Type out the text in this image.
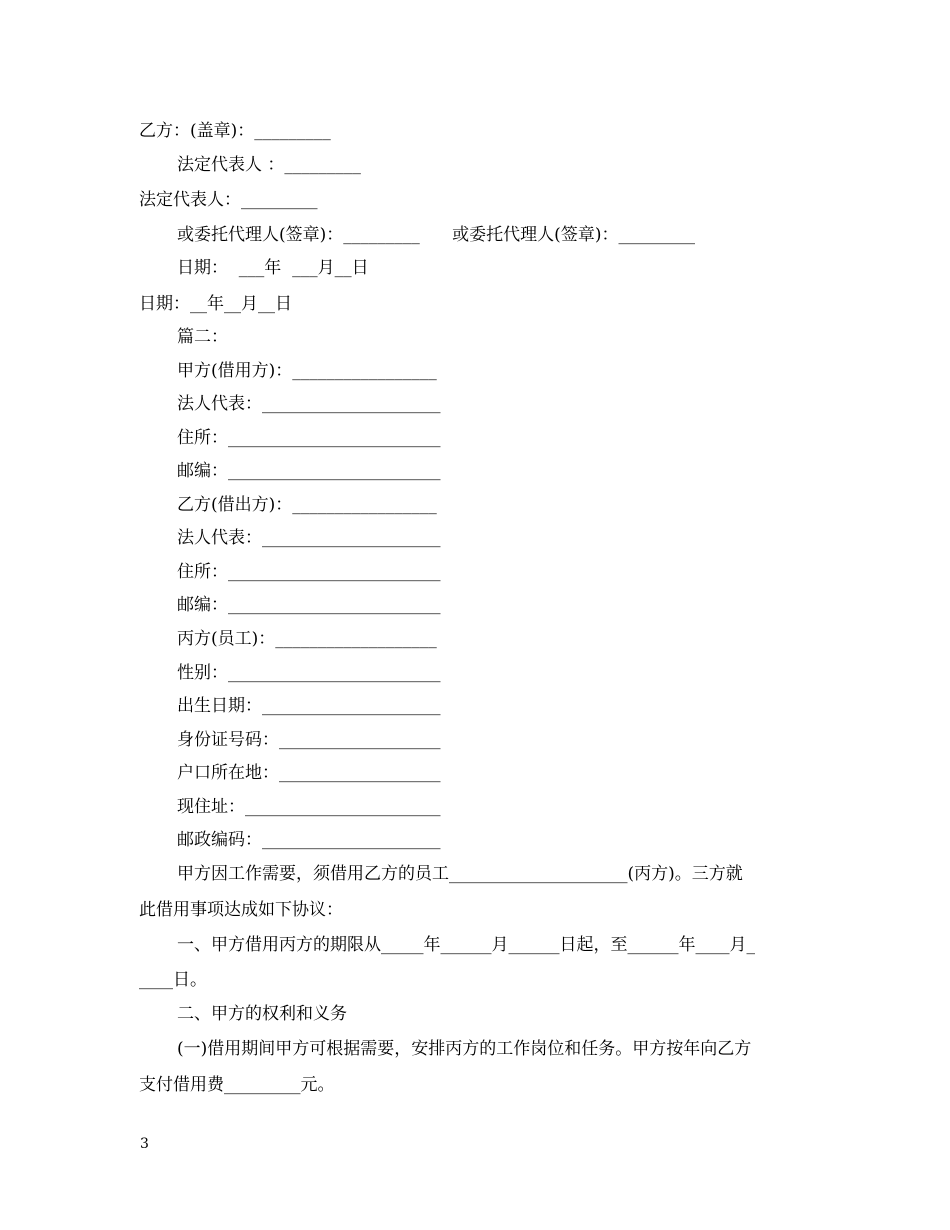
乙方：(盖章)：_________
法定代表人 ：_________
法定代表人：_________
或委托代理人(签章)：_________      或委托代理人(签章)：_________
日期：  ___年  ___月__日
日期：__年__月__日
篇二：
甲方(借用方)：_________________
法人代表：_____________________
住所：_________________________
邮编：_________________________
乙方(借出方)：_________________
法人代表：_____________________
住所：_________________________
邮编：_________________________
丙方(员工)：___________________
性别：_________________________
出生日期：_____________________
身份证号码：___________________
户口所在地：___________________
现住址：_______________________
邮政编码：_____________________
甲方因工作需要，须借用乙方的员工_____________________(丙方)。三方就
此借用事项达成如下协议：
一、甲方借用丙方的期限从_____年______月______日起，至______年____月_
____日。
二、甲方的权利和义务
(一)借用期间甲方可根据需要，安排丙方的工作岗位和任务。甲方按年向乙方
支付借用费_________元。
3
